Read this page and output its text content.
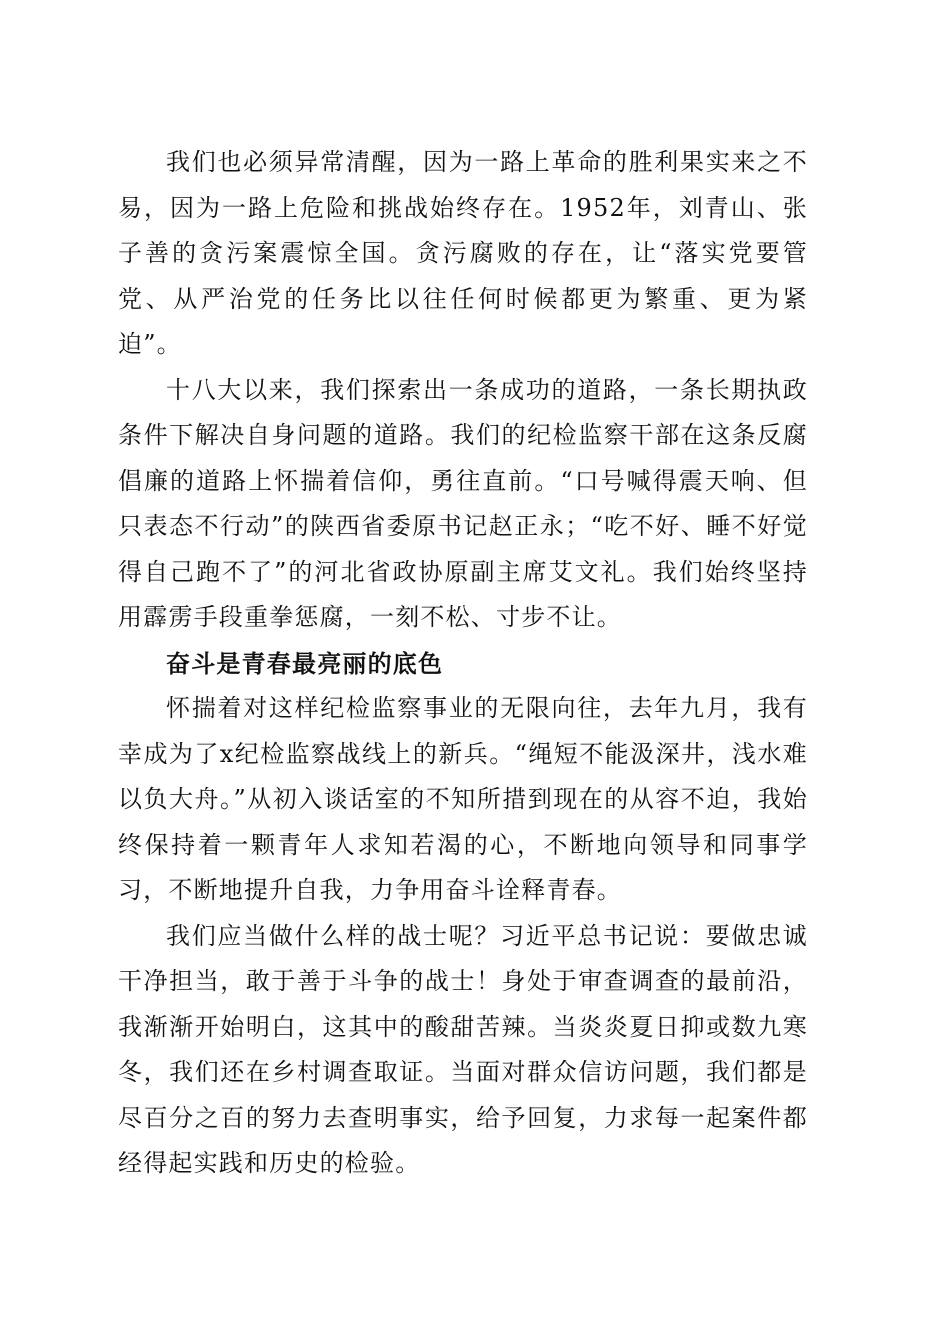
我们也必须异常清醒，因为一路上革命的胜利果实来之不易，因为一路上危险和挑战始终存在。1952年，刘青山、张子善的贪污案震惊全国。贪污腐败的存在，让“落实党要管党、从严治党的任务比以往任何时候都更为繁重、更为紧迫”。

十八大以来，我们探索出一条成功的道路，一条长期执政条件下解决自身问题的道路。我们的纪检监察干部在这条反腐倡廉的道路上怀揣着信仰，勇往直前。“口号喊得震天响、但只表态不行动”的陕西省委原书记赵正永；“吃不好、睡不好觉得自己跑不了”的河北省政协原副主席艾文礼。我们始终坚持用霹雳手段重拳惩腐，一刻不松、寸步不让。

奋斗是青春最亮丽的底色

怀揣着对这样纪检监察事业的无限向往，去年九月，我有幸成为了x纪检监察战线上的新兵。“绳短不能汲深井，浅水难以负大舟。”从初入谈话室的不知所措到现在的从容不迫，我始终保持着一颗青年人求知若渴的心，不断地向领导和同事学习，不断地提升自我，力争用奋斗诠释青春。

我们应当做什么样的战士呢？习近平总书记说：要做忠诚干净担当，敢于善于斗争的战士！身处于审查调查的最前沿，我渐渐开始明白，这其中的酸甜苦辣。当炎炎夏日抑或数九寒冬，我们还在乡村调查取证。当面对群众信访问题，我们都是尽百分之百的努力去查明事实，给予回复，力求每一起案件都经得起实践和历史的检验。
